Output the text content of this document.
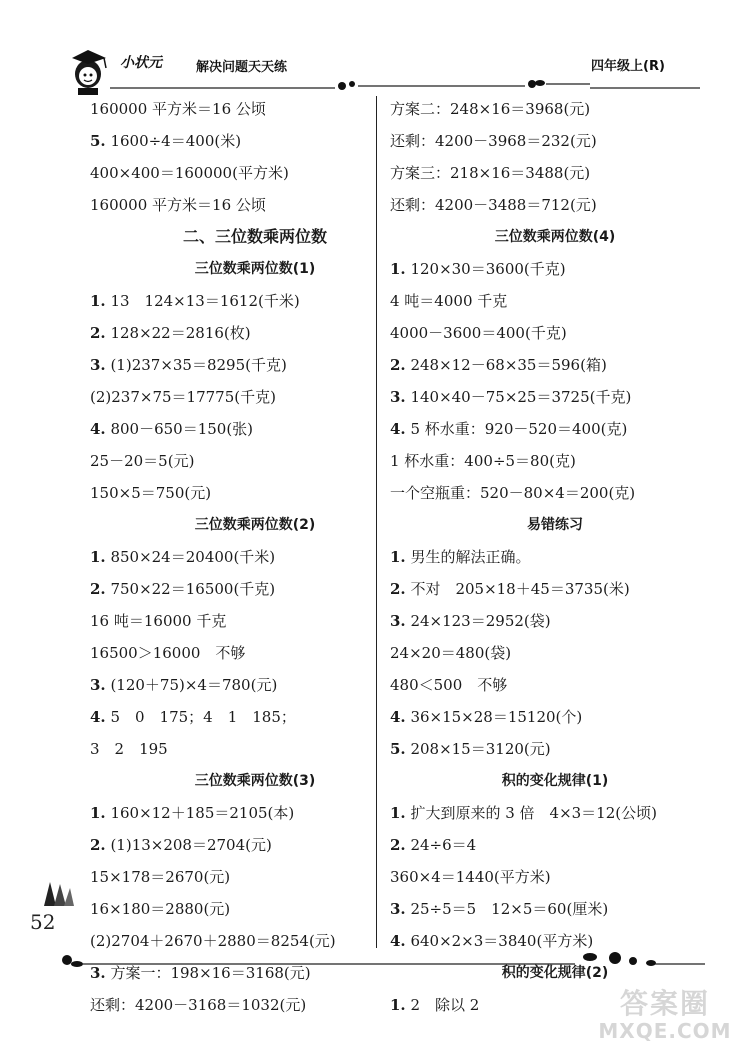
小状元	解决问题天天练	四年级上(R)
160000 平方米＝16 公顷
5. 1600÷4＝400(米)
400×400＝160000(平方米)
160000 平方米＝16 公顷
二、三位数乘两位数
三位数乘两位数(1)
1. 13　124×13＝1612(千米)
2. 128×22＝2816(枚)
3. (1)237×35＝8295(千克)
(2)237×75＝17775(千克)
4. 800－650＝150(张)
25－20＝5(元)
150×5＝750(元)
三位数乘两位数(2)
1. 850×24＝20400(千米)
2. 750×22＝16500(千克)
16 吨＝16000 千克
16500＞16000　不够
3. (120＋75)×4＝780(元)
4. 5　0　175；4　1　185；
3　2　195
三位数乘两位数(3)
1. 160×12＋185＝2105(本)
2. (1)13×208＝2704(元)
15×178＝2670(元)
16×180＝2880(元)
(2)2704＋2670＋2880＝8254(元)
3. 方案一：198×16＝3168(元)
还剩：4200－3168＝1032(元)
方案二：248×16＝3968(元)
还剩：4200－3968＝232(元)
方案三：218×16＝3488(元)
还剩：4200－3488＝712(元)
三位数乘两位数(4)
1. 120×30＝3600(千克)
4 吨＝4000 千克
4000－3600＝400(千克)
2. 248×12－68×35＝596(箱)
3. 140×40－75×25＝3725(千克)
4. 5 杯水重：920－520＝400(克)
1 杯水重：400÷5＝80(克)
一个空瓶重：520－80×4＝200(克)
易错练习
1. 男生的解法正确。
2. 不对　205×18＋45＝3735(米)
3. 24×123＝2952(袋)
24×20＝480(袋)
480＜500　不够
4. 36×15×28＝15120(个)
5. 208×15＝3120(元)
积的变化规律(1)
1. 扩大到原来的 3 倍　4×3＝12(公顷)
2. 24÷6＝4
360×4＝1440(平方米)
3. 25÷5＝5　12×5＝60(厘米)
4. 640×2×3＝3840(平方米)
积的变化规律(2)
1. 2　除以 2
52
答案圈
MXQE.COM
